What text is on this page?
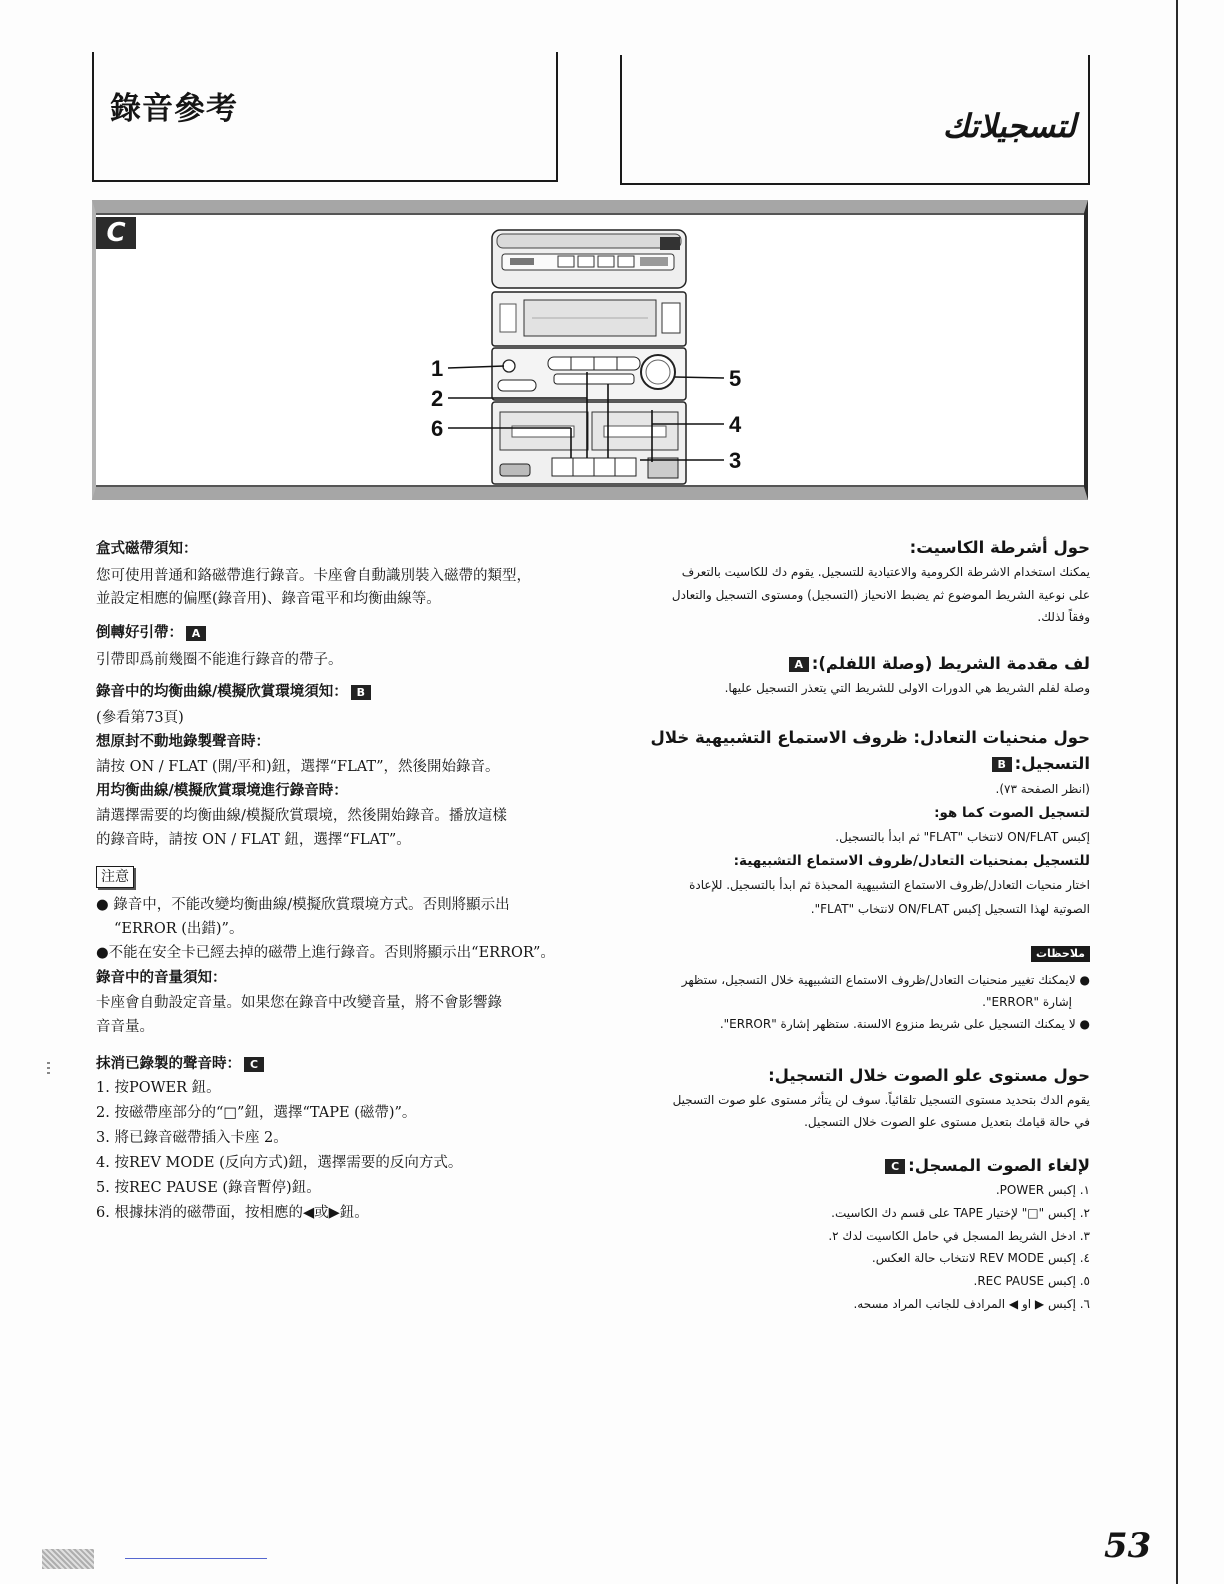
錄音參考	لتسجيلاتك
1
2
6
5
4
3
C
盒式磁帶須知：
您可使用普通和鉻磁帶進行錄音。卡座會自動識別裝入磁帶的類型，
並設定相應的偏壓(錄音用)、錄音電平和均衡曲線等。
倒轉好引帶： A
引帶即爲前幾圈不能進行錄音的帶子。
錄音中的均衡曲線/模擬欣賞環境須知： B
(參看第73頁)
想原封不動地錄製聲音時：
請按 ON / FLAT (開/平和)鈕，選擇“FLAT”，然後開始錄音。
用均衡曲線/模擬欣賞環境進行錄音時：
請選擇需要的均衡曲線/模擬欣賞環境，然後開始錄音。播放這樣
的錄音時，請按 ON / FLAT 鈕，選擇“FLAT”。
注意
● 錄音中，不能改變均衡曲線/模擬欣賞環境方式。否則將顯示出
“ERROR (出錯)”。
●不能在安全卡已經去掉的磁帶上進行錄音。否則將顯示出“ERROR”。
錄音中的音量須知：
卡座會自動設定音量。如果您在錄音中改變音量，將不會影響錄
音音量。
抹消已錄製的聲音時： C
1. 按POWER 鈕。
2. 按磁帶座部分的“□”鈕，選擇“TAPE (磁帶)”。
3. 將已錄音磁帶插入卡座 2。
4. 按REV MODE (反向方式)鈕，選擇需要的反向方式。
5. 按REC PAUSE (錄音暫停)鈕。
6. 根據抹消的磁帶面，按相應的◀或▶鈕。
حول أشرطة الكاسيت:
يمكنك استخدام الاشرطة الكرومية والاعتيادية للتسجيل. يقوم دك للكاسيت بالتعرف
على نوعية الشريط الموضوع ثم يضبط الانحياز (التسجيل) ومستوى التسجيل والتعادل
وفقاً لذلك.
لف مقدمة الشريط (وصلة اللفلم):A
وصلة لفلم الشريط هي الدورات الاولى للشريط التي يتعذر التسجيل عليها.
حول منحنيات التعادل: ظروف الاستماع التشبيهية خلال
التسجيل:B
(انظر الصفحة ٧٣).
لتسجيل الصوت كما هو:
إكبس ON/FLAT لانتخاب "FLAT" ثم ابدأ بالتسجيل.
للتسجيل بمنحنيات التعادل/ظروف الاستماع التشبيهية:
اختار منحيات التعادل/ظروف الاستماع التشبيهية المحبذة ثم ابدأ بالتسجيل. للإعادة
الصوتية لهذا التسجيل إكبس ON/FLAT لانتخاب "FLAT".
ملاحظات
● لايمكنك تغيير منحنيات التعادل/ظروف الاستماع التشبيهية خلال التسجيل، ستظهر
إشارة "ERROR".
● لا يمكنك التسجيل على شريط منزوع الالسنة. ستظهر إشارة "ERROR".
حول مستوى علو الصوت خلال التسجيل:
يقوم الدك بتحديد مستوى التسجيل تلقائياً. سوف لن يتأثر مستوى علو صوت التسجيل
في حالة قيامك بتعديل مستوى علو الصوت خلال التسجيل.
لإلغاء الصوت المسجل:C
١. إكبس POWER.
٢. إكبس "□" لإختيار TAPE على قسم دك الكاسيت.
٣. ادخل الشريط المسجل في حامل الكاسيت لدك ٢.
٤. إكبس REV MODE لانتخاب حالة العكس.
٥. إكبس REC PAUSE.
٦. إكبس ▶ او ◀ المرادف للجانب المراد مسحه.
53
